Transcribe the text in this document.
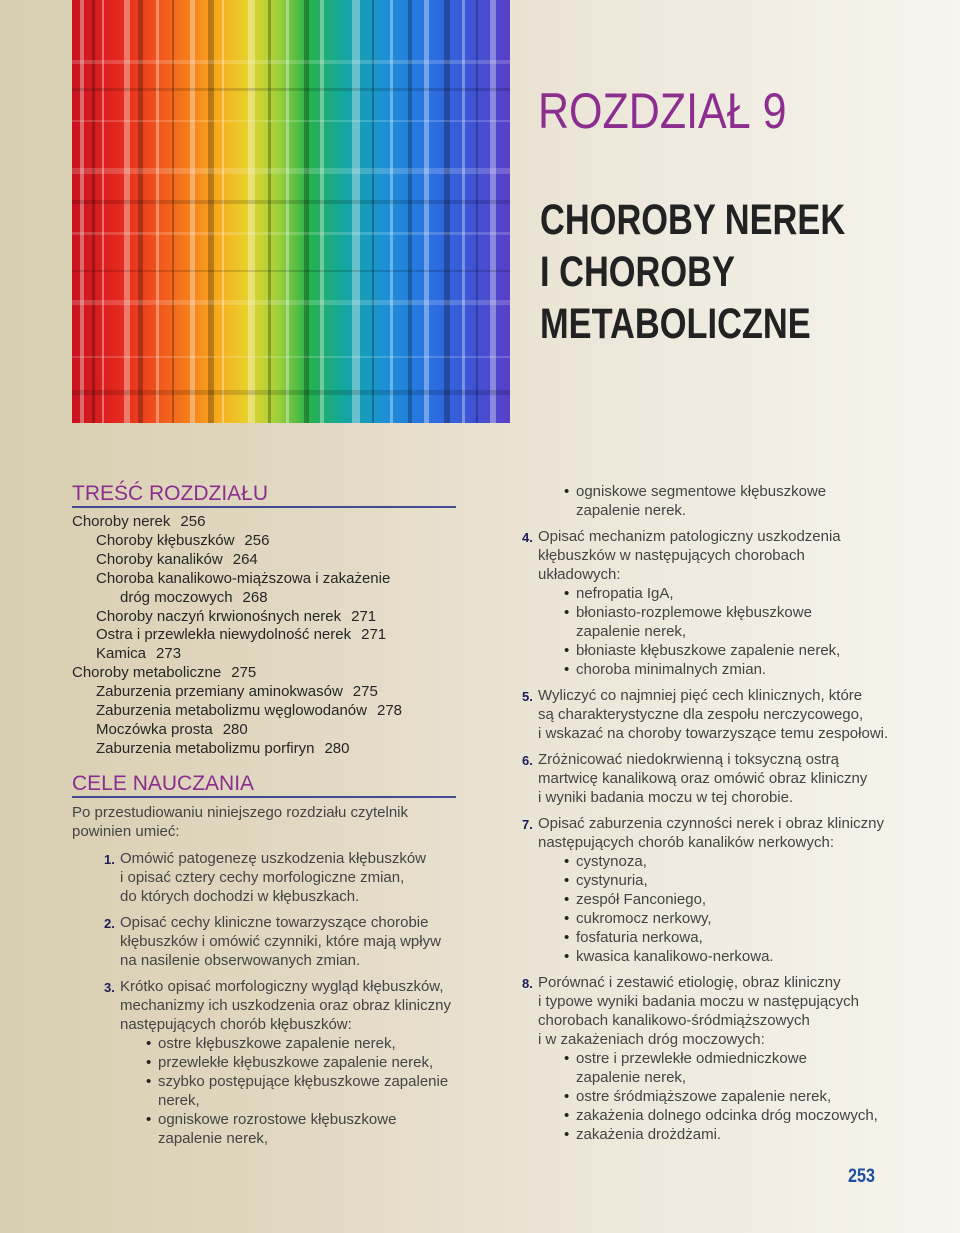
ROZDZIAŁ 9
CHOROBY NEREK
I CHOROBY
METABOLICZNE
TREŚĆ ROZDZIAŁU
Choroby nerek 256
Choroby kłębuszków 256
Choroby kanalików 264
Choroba kanalikowo-miąższowa i zakażenie
dróg moczowych 268
Choroby naczyń krwionośnych nerek 271
Ostra i przewlekła niewydolność nerek 271
Kamica 273
Choroby metaboliczne 275
Zaburzenia przemiany aminokwasów 275
Zaburzenia metabolizmu węglowodanów 278
Moczówka prosta 280
Zaburzenia metabolizmu porfiryn 280
CELE NAUCZANIA
Po przestudiowaniu niniejszego rozdziału czytelnik
powinien umieć:
1. Omówić patogenezę uszkodzenia kłębuszków
i opisać cztery cechy morfologiczne zmian,
do których dochodzi w kłębuszkach.
2. Opisać cechy kliniczne towarzyszące chorobie
kłębuszków i omówić czynniki, które mają wpływ
na nasilenie obserwowanych zmian.
3. Krótko opisać morfologiczny wygląd kłębuszków,
mechanizmy ich uszkodzenia oraz obraz kliniczny
następujących chorób kłębuszków:
• ostre kłębuszkowe zapalenie nerek,
• przewlekłe kłębuszkowe zapalenie nerek,
• szybko postępujące kłębuszkowe zapalenie
nerek,
• ogniskowe rozrostowe kłębuszkowe
zapalenie nerek,
• ogniskowe segmentowe kłębuszkowe
zapalenie nerek.
4. Opisać mechanizm patologiczny uszkodzenia
kłębuszków w następujących chorobach
układowych:
• nefropatia IgA,
• błoniasto-rozplemowe kłębuszkowe
zapalenie nerek,
• błoniaste kłębuszkowe zapalenie nerek,
• choroba minimalnych zmian.
5. Wyliczyć co najmniej pięć cech klinicznych, które
są charakterystyczne dla zespołu nerczycowego,
i wskazać na choroby towarzyszące temu zespołowi.
6. Zróżnicować niedokrwienną i toksyczną ostrą
martwicę kanalikową oraz omówić obraz kliniczny
i wyniki badania moczu w tej chorobie.
7. Opisać zaburzenia czynności nerek i obraz kliniczny
następujących chorób kanalików nerkowych:
• cystynoza,
• cystynuria,
• zespół Fanconiego,
• cukromocz nerkowy,
• fosfaturia nerkowa,
• kwasica kanalikowo-nerkowa.
8. Porównać i zestawić etiologię, obraz kliniczny
i typowe wyniki badania moczu w następujących
chorobach kanalikowo-śródmiąższowych
i w zakażeniach dróg moczowych:
• ostre i przewlekłe odmiedniczkowe
zapalenie nerek,
• ostre śródmiąższowe zapalenie nerek,
• zakażenia dolnego odcinka dróg moczowych,
• zakażenia drożdżami.
253
